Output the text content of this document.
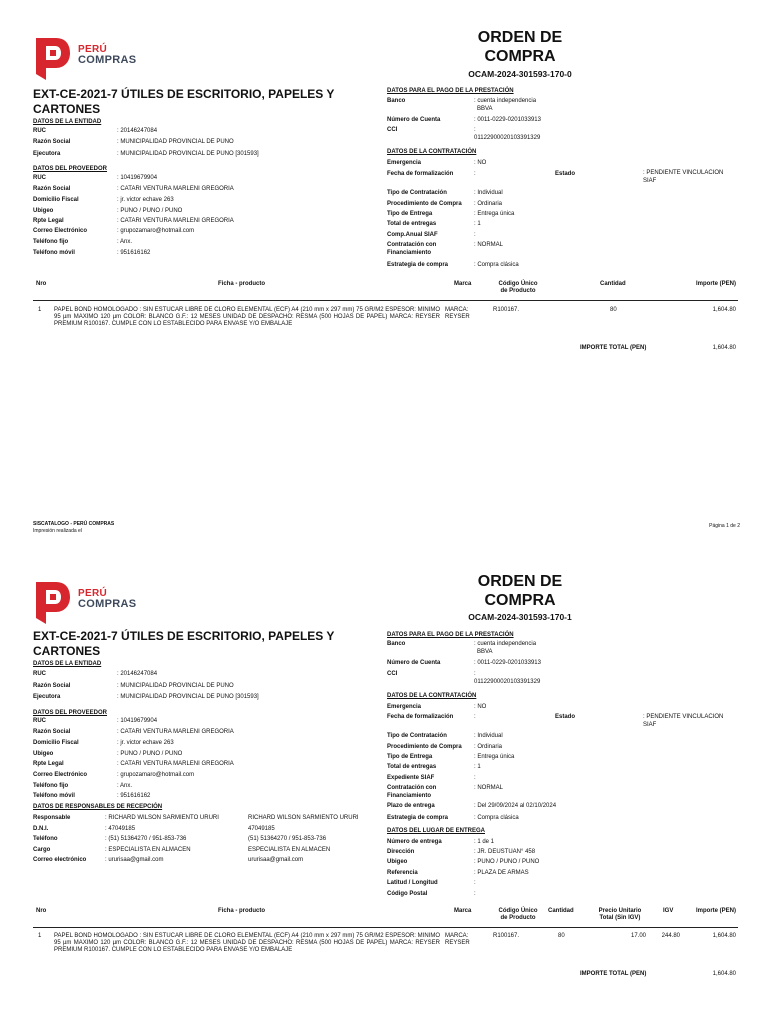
PERÚ
COMPRAS
ORDEN DE
COMPRA
OCAM-2024-301593-170-0
EXT-CE-2021-7 ÚTILES DE ESCRITORIO, PAPELES Y CARTONES
DATOS DE LA ENTIDAD
RUC	: 20146247084
Razón Social	: MUNICIPALIDAD PROVINCIAL DE PUNO
Ejecutora	: MUNICIPALIDAD PROVINCIAL DE PUNO [301593]
DATOS DEL PROVEEDOR
RUC	: 10419679904
Razón Social	: CATARI VENTURA MARLENI GREGORIA
Domicilio Fiscal	: jr. victor echave 263
Ubigeo	: PUNO / PUNO / PUNO
Rpte Legal	: CATARI VENTURA MARLENI GREGORIA
Correo Electrónico	: grupozamaro@hotmail.com
Teléfono fijo	: Anx.
Teléfono móvil	: 951616162
DATOS PARA EL PAGO DE LA PRESTACIÓN
Banco	: cuenta independencia
BBVA
Número de Cuenta	: 0011-0229-0201033913
CCI	:
01122900020103391329
DATOS DE LA CONTRATACIÓN
Emergencia	: NO
Fecha de formalización	:	Estado	: PENDIENTE VINCULACION
SIAF
Tipo de Contratación	: Individual
Procedimiento de Compra : Ordinaria
Tipo de Entrega	: Entrega única
Total de entregas	: 1
Comp.Anual SIAF	:
Contratación con
Financiamiento
: NORMAL
Estrategia de compra	: Compra clásica
Nro	Ficha - producto	Marca	Código Único
de Producto
Cantidad	Importe (PEN)
1 PAPEL BOND HOMOLOGADO : SIN ESTUCAR LIBRE DE CLORO ELEMENTAL (ECF) A4 (210 mm x 297 mm) 75 GR/M2 ESPESOR: MINIMO 95 µm MAXIMO 120 µm COLOR: BLANCO G.F.: 12 MESES UNIDAD DE DESPACHO: RESMA (500 HOJAS DE PAPEL) MARCA: REYSER PREMIUM R100167. CUMPLE CON LO ESTABLECIDO PARA ENVASE Y/O EMBALAJE
MARCA:
REYSER
R100167.	80	1,604.80
IMPORTE TOTAL (PEN)	1,604.80
SISCATALOGO - PERÚ COMPRAS
Impresión realizada el
Página 1 de 2
PERÚ
COMPRAS
ORDEN DE
COMPRA
OCAM-2024-301593-170-1
EXT-CE-2021-7 ÚTILES DE ESCRITORIO, PAPELES Y CARTONES
DATOS DE LA ENTIDAD
RUC	: 20146247084
Razón Social	: MUNICIPALIDAD PROVINCIAL DE PUNO
Ejecutora	: MUNICIPALIDAD PROVINCIAL DE PUNO [301593]
DATOS DEL PROVEEDOR
RUC	: 10419679904
Razón Social	: CATARI VENTURA MARLENI GREGORIA
Domicilio Fiscal	: jr. victor echave 263
Ubigeo	: PUNO / PUNO / PUNO
Rpte Legal	: CATARI VENTURA MARLENI GREGORIA
Correo Electrónico	: grupozamaro@hotmail.com
Teléfono fijo	: Anx.
Teléfono móvil	: 951616162
DATOS DE RESPONSABLES DE RECEPCIÓN
Responsable	: RICHARD WILSON SARMIENTO URURI	RICHARD WILSON SARMIENTO URURI
D.N.I.	: 47049185	47049185
Teléfono	: (51) 51364270 / 951-853-736	(51) 51364270 / 951-853-736
Cargo	: ESPECIALISTA EN ALMACEN	ESPECIALISTA EN ALMACEN
Correo electrónico	: ururisaa@gmail.com	ururisaa@gmail.com
DATOS PARA EL PAGO DE LA PRESTACIÓN
Banco	: cuenta independencia
BBVA
Número de Cuenta	: 0011-0229-0201033913
CCI	:
01122900020103391329
DATOS DE LA CONTRATACIÓN
Emergencia	: NO
Fecha de formalización	:	Estado	: PENDIENTE VINCULACION
SIAF
Tipo de Contratación	: Individual
Procedimiento de Compra : Ordinaria
Tipo de Entrega	: Entrega única
Total de entregas	: 1
Expediente SIAF	:
Contratación con
Financiamiento
: NORMAL
Plazo de entrega	: Del 29/09/2024 al 02/10/2024
Estrategia de compra	: Compra clásica
DATOS DEL LUGAR DE ENTREGA
Número de entrega	: 1 de 1
Dirección	: JR. DEUSTUAN° 458
Ubigeo	: PUNO / PUNO / PUNO
Referencia	: PLAZA DE ARMAS
Latitud / Longitud	:
Código Postal	:
Nro	Ficha - producto	Marca	Código Único
de Producto
Cantidad	Precio Unitario
Total (Sin IGV)
IGV	Importe (PEN)
1 PAPEL BOND HOMOLOGADO : SIN ESTUCAR LIBRE DE CLORO ELEMENTAL (ECF) A4 (210 mm x 297 mm) 75 GR/M2 ESPESOR: MINIMO 95 µm MAXIMO 120 µm COLOR: BLANCO G.F.: 12 MESES UNIDAD DE DESPACHO: RESMA (500 HOJAS DE PAPEL) MARCA: REYSER PREMIUM R100167. CUMPLE CON LO ESTABLECIDO PARA ENVASE Y/O EMBALAJE
MARCA:
REYSER
R100167.	80	17.00	244.80	1,604.80
IMPORTE TOTAL (PEN)	1,604.80
